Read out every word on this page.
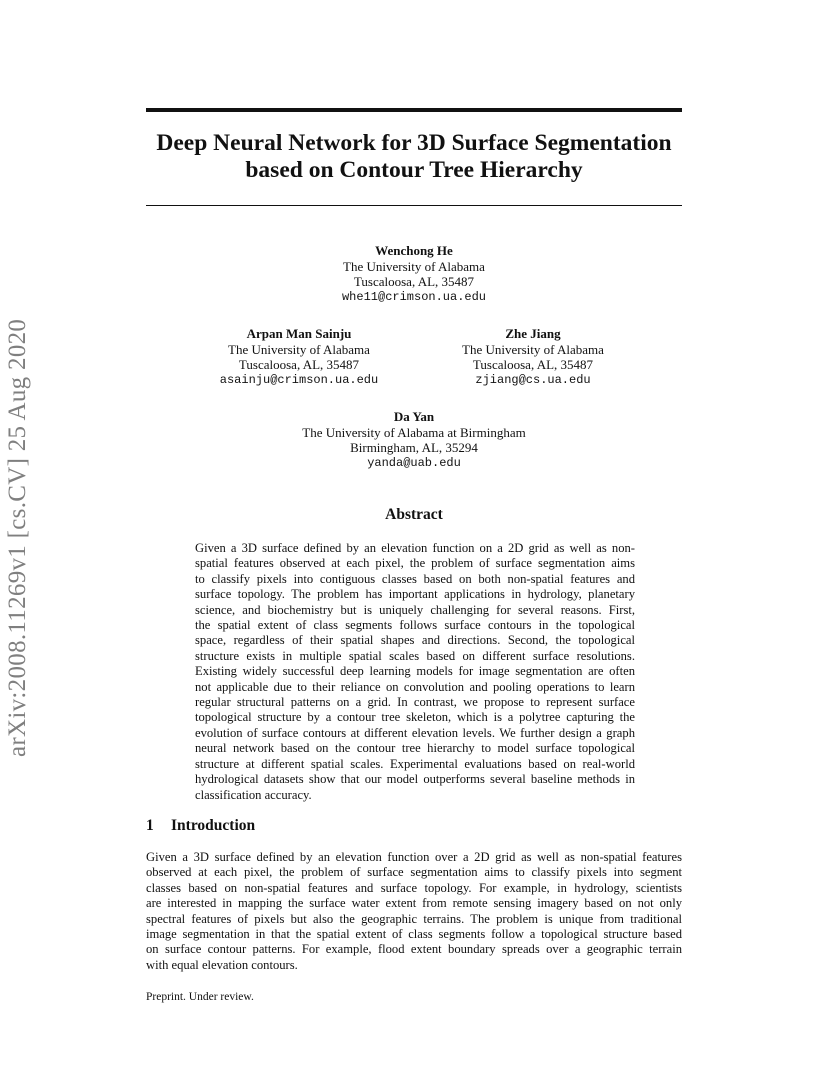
arXiv:2008.11269v1 [cs.CV] 25 Aug 2020
Deep Neural Network for 3D Surface Segmentation
based on Contour Tree Hierarchy
Wenchong He
The University of Alabama
Tuscaloosa, AL, 35487
whe11@crimson.ua.edu
Arpan Man Sainju
The University of Alabama
Tuscaloosa, AL, 35487
asainju@crimson.ua.edu
Zhe Jiang
The University of Alabama
Tuscaloosa, AL, 35487
zjiang@cs.ua.edu
Da Yan
The University of Alabama at Birmingham
Birmingham, AL, 35294
yanda@uab.edu
Abstract
Given a 3D surface defined by an elevation function on a 2D grid as well as non-
spatial features observed at each pixel, the problem of surface segmentation aims
to classify pixels into contiguous classes based on both non-spatial features and
surface topology. The problem has important applications in hydrology, planetary
science, and biochemistry but is uniquely challenging for several reasons. First,
the spatial extent of class segments follows surface contours in the topological
space, regardless of their spatial shapes and directions. Second, the topological
structure exists in multiple spatial scales based on different surface resolutions.
Existing widely successful deep learning models for image segmentation are often
not applicable due to their reliance on convolution and pooling operations to learn
regular structural patterns on a grid. In contrast, we propose to represent surface
topological structure by a contour tree skeleton, which is a polytree capturing the
evolution of surface contours at different elevation levels. We further design a graph
neural network based on the contour tree hierarchy to model surface topological
structure at different spatial scales. Experimental evaluations based on real-world
hydrological datasets show that our model outperforms several baseline methods in
classification accuracy.
1 Introduction
Given a 3D surface defined by an elevation function over a 2D grid as well as non-spatial features
observed at each pixel, the problem of surface segmentation aims to classify pixels into segment
classes based on non-spatial features and surface topology. For example, in hydrology, scientists
are interested in mapping the surface water extent from remote sensing imagery based on not only
spectral features of pixels but also the geographic terrains. The problem is unique from traditional
image segmentation in that the spatial extent of class segments follow a topological structure based
on surface contour patterns. For example, flood extent boundary spreads over a geographic terrain
with equal elevation contours.
Preprint. Under review.
